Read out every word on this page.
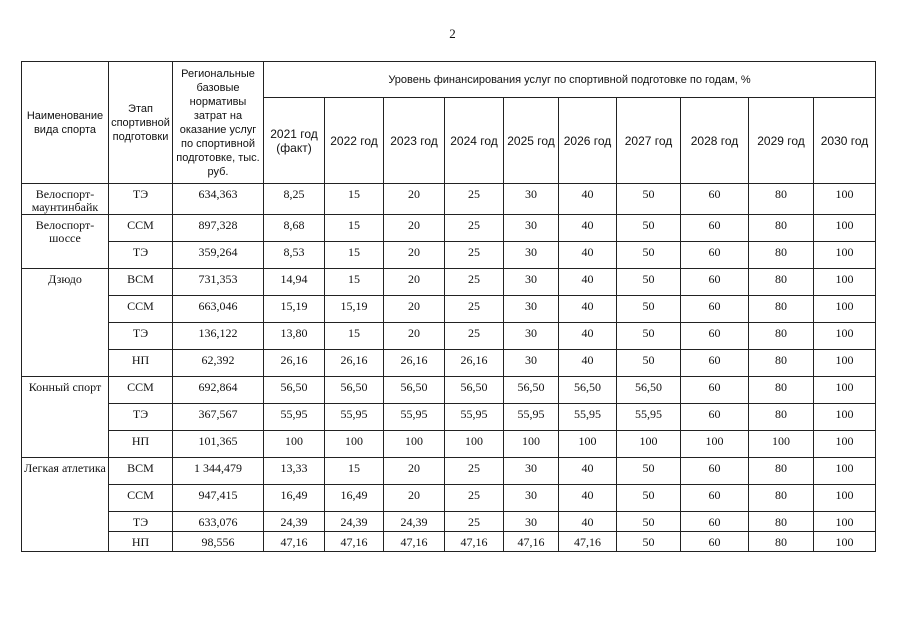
2
Наименование вида спорта	Этап спортивной подготовки	Региональные базовые нормативы затрат на оказание услуг по спортивной подготовке, тыс. руб.	Уровень финансирования услуг по спортивной подготовке по годам, %									
			2021 год (факт)	2022 год	2023 год	2024 год	2025 год	2026 год	2027 год	2028 год	2029 год	2030 год
Велоспорт-маунтинбайк	ТЭ	634,363	8,25	15	20	25	30	40	50	60	80	100
Велоспорт-шоссе	ССМ	897,328	8,68	15	20	25	30	40	50	60	80	100
	ТЭ	359,264	8,53	15	20	25	30	40	50	60	80	100
Дзюдо	ВСМ	731,353	14,94	15	20	25	30	40	50	60	80	100
	ССМ	663,046	15,19	15,19	20	25	30	40	50	60	80	100
	ТЭ	136,122	13,80	15	20	25	30	40	50	60	80	100
	НП	62,392	26,16	26,16	26,16	26,16	30	40	50	60	80	100
Конный спорт	ССМ	692,864	56,50	56,50	56,50	56,50	56,50	56,50	56,50	60	80	100
	ТЭ	367,567	55,95	55,95	55,95	55,95	55,95	55,95	55,95	60	80	100
	НП	101,365	100	100	100	100	100	100	100	100	100	100
Легкая атлетика	ВСМ	1 344,479	13,33	15	20	25	30	40	50	60	80	100
	ССМ	947,415	16,49	16,49	20	25	30	40	50	60	80	100
	ТЭ	633,076	24,39	24,39	24,39	25	30	40	50	60	80	100
	НП	98,556	47,16	47,16	47,16	47,16	47,16	47,16	50	60	80	100
